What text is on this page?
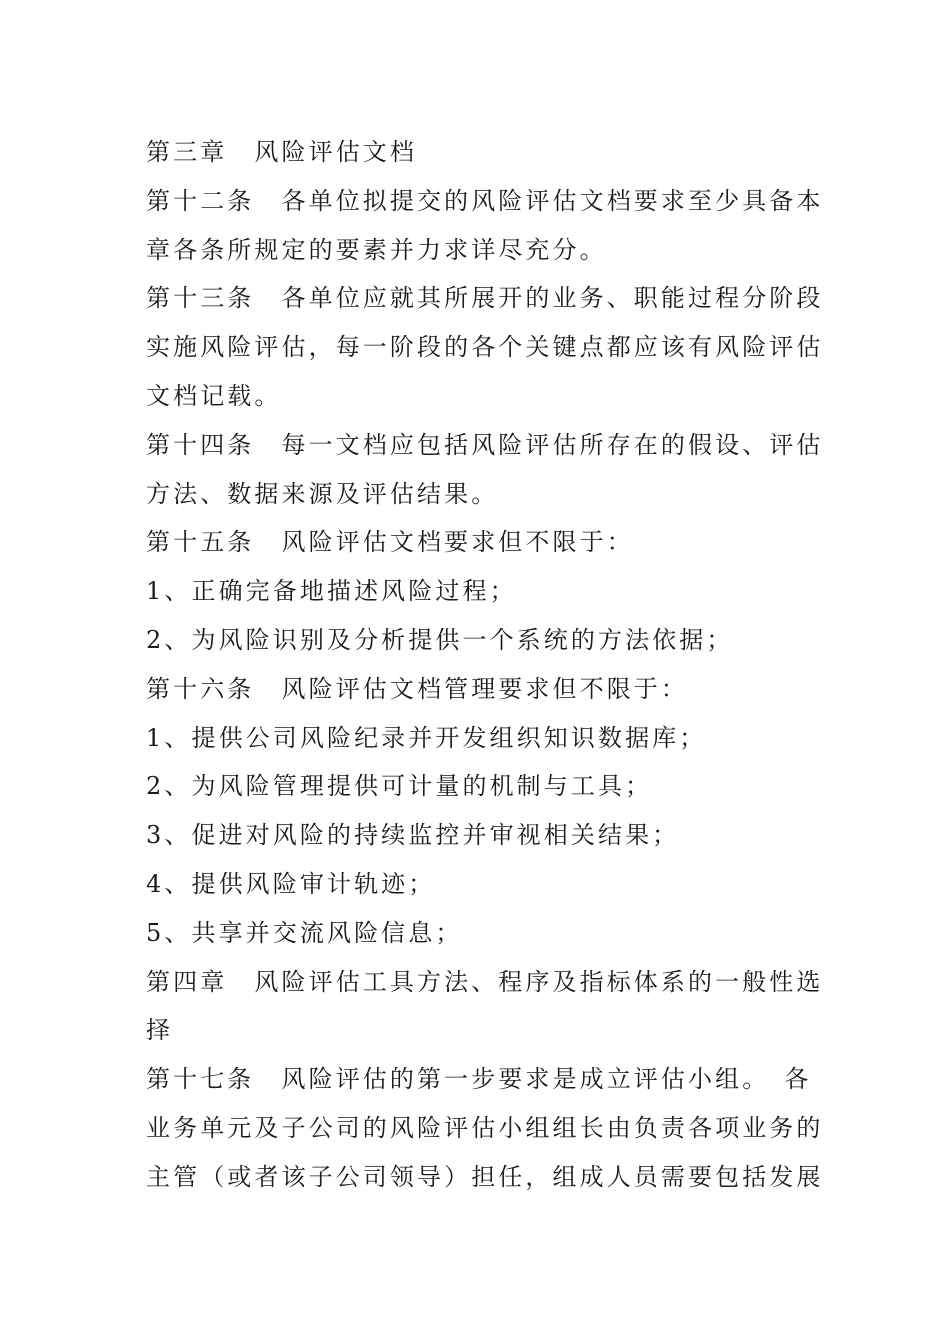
第三章　风险评估文档
第十二条　各单位拟提交的风险评估文档要求至少具备本
章各条所规定的要素并力求详尽充分。
第十三条　各单位应就其所展开的业务、职能过程分阶段
实施风险评估，每一阶段的各个关键点都应该有风险评估
文档记载。
第十四条　每一文档应包括风险评估所存在的假设、评估
方法、数据来源及评估结果。
第十五条　风险评估文档要求但不限于：
1、正确完备地描述风险过程；
2、为风险识别及分析提供一个系统的方法依据；
第十六条　风险评估文档管理要求但不限于：
1、提供公司风险纪录并开发组织知识数据库；
2、为风险管理提供可计量的机制与工具；
3、促进对风险的持续监控并审视相关结果；
4、提供风险审计轨迹；
5、共享并交流风险信息；
第四章　风险评估工具方法、程序及指标体系的一般性选
择
第十七条　风险评估的第一步要求是成立评估小组。　各
业务单元及子公司的风险评估小组组长由负责各项业务的
主管（或者该子公司领导）担任，组成人员需要包括发展
